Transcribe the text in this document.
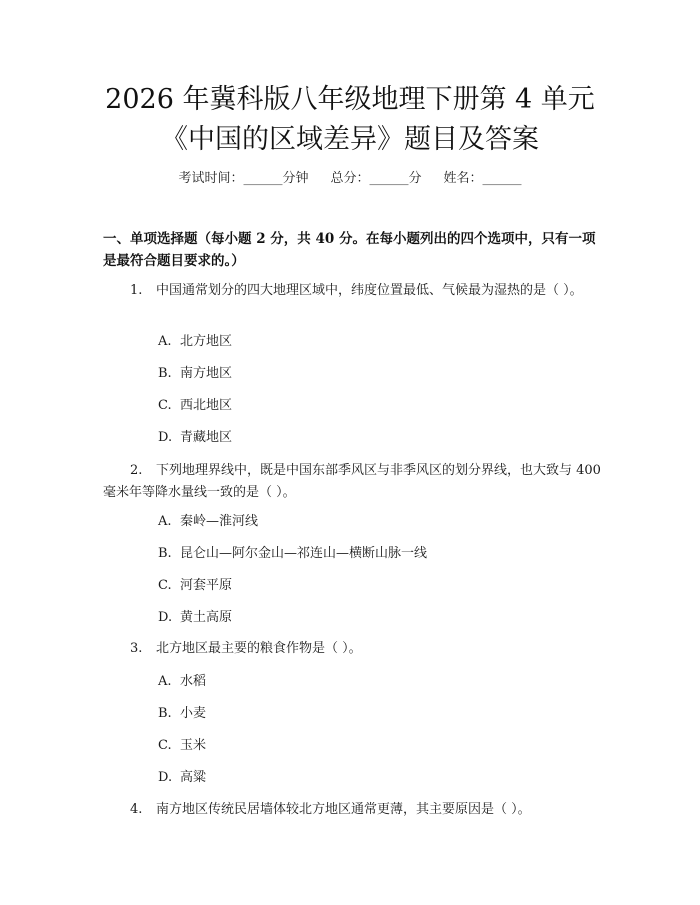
2026 年冀科版八年级地理下册第 4 单元《中国的区域差异》题目及答案
考试时间：______分钟 总分：______分 姓名：______
一、单项选择题（每小题 2 分，共 40 分。在每小题列出的四个选项中，只有一项是最符合题目要求的。）
1. 中国通常划分的四大地理区域中，纬度位置最低、气候最为湿热的是（ ）。
A. 北方地区
B. 南方地区
C. 西北地区
D. 青藏地区
2. 下列地理界线中，既是中国东部季风区与非季风区的划分界线，也大致与 400 毫米年等降水量线一致的是（ ）。
A. 秦岭—淮河线
B. 昆仑山—阿尔金山—祁连山—横断山脉一线
C. 河套平原
D. 黄土高原
3. 北方地区最主要的粮食作物是（ ）。
A. 水稻
B. 小麦
C. 玉米
D. 高粱
4. 南方地区传统民居墙体较北方地区通常更薄，其主要原因是（ ）。
